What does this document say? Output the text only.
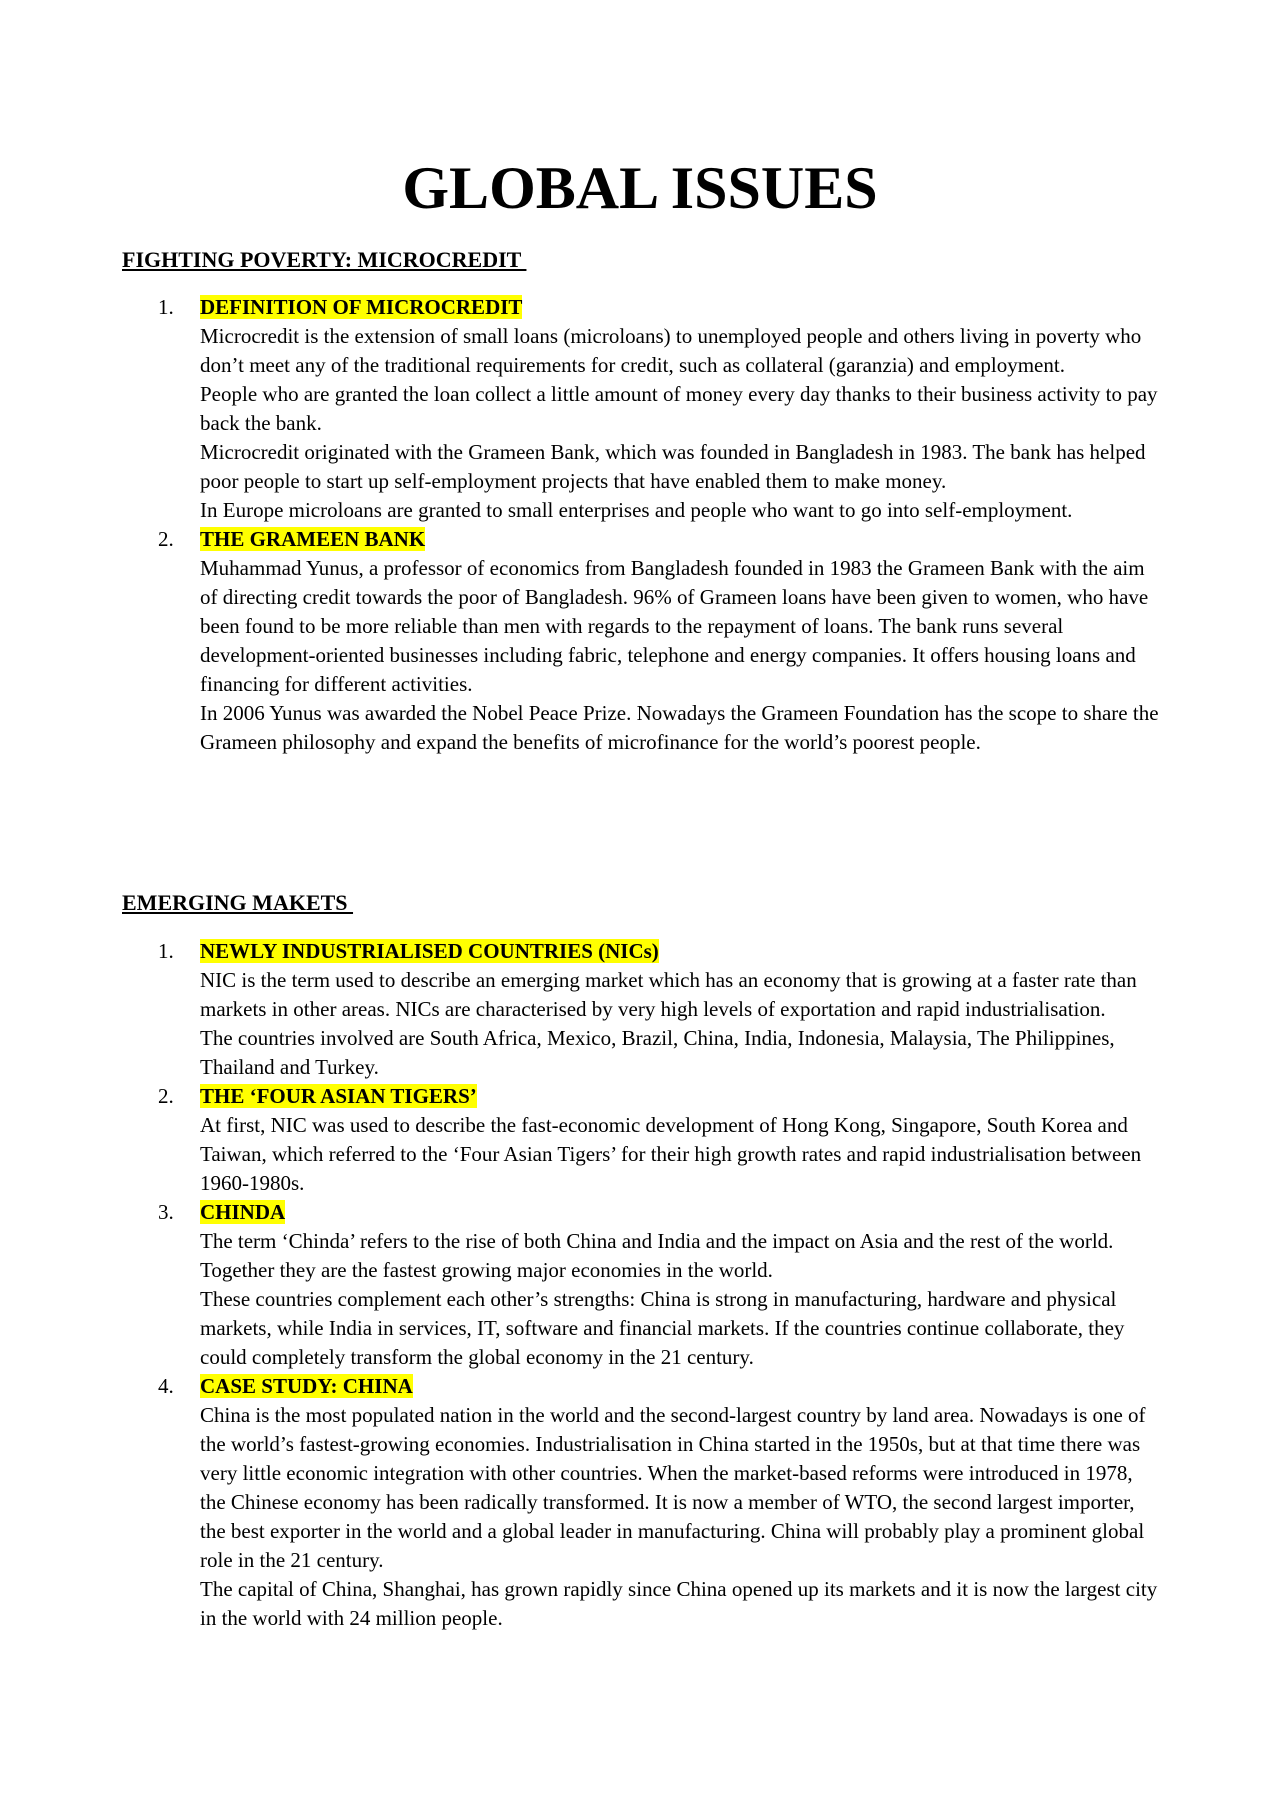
GLOBAL ISSUES
FIGHTING POVERTY: MICROCREDIT
1. DEFINITION OF MICROCREDIT

Microcredit is the extension of small loans (microloans) to unemployed people and others living in poverty who don’t meet any of the traditional requirements for credit, such as collateral (garanzia) and employment.

People who are granted the loan collect a little amount of money every day thanks to their business activity to pay back the bank.

Microcredit originated with the Grameen Bank, which was founded in Bangladesh in 1983. The bank has helped poor people to start up self-employment projects that have enabled them to make money.

In Europe microloans are granted to small enterprises and people who want to go into self-employment.

2. THE GRAMEEN BANK

Muhammad Yunus, a professor of economics from Bangladesh founded in 1983 the Grameen Bank with the aim of directing credit towards the poor of Bangladesh. 96% of Grameen loans have been given to women, who have been found to be more reliable than men with regards to the repayment of loans. The bank runs several development-oriented businesses including fabric, telephone and energy companies. It offers housing loans and financing for different activities.

In 2006 Yunus was awarded the Nobel Peace Prize. Nowadays the Grameen Foundation has the scope to share the Grameen philosophy and expand the benefits of microfinance for the world’s poorest people.

EMERGING MAKETS
1. NEWLY INDUSTRIALISED COUNTRIES (NICs)

NIC is the term used to describe an emerging market which has an economy that is growing at a faster rate than markets in other areas. NICs are characterised by very high levels of exportation and rapid industrialisation.

The countries involved are South Africa, Mexico, Brazil, China, India, Indonesia, Malaysia, The Philippines, Thailand and Turkey.

2. THE ‘FOUR ASIAN TIGERS’

At first, NIC was used to describe the fast-economic development of Hong Kong, Singapore, South Korea and Taiwan, which referred to the ‘Four Asian Tigers’ for their high growth rates and rapid industrialisation between 1960-1980s.

3. CHINDA

The term ‘Chinda’ refers to the rise of both China and India and the impact on Asia and the rest of the world. Together they are the fastest growing major economies in the world.

These countries complement each other’s strengths: China is strong in manufacturing, hardware and physical markets, while India in services, IT, software and financial markets. If the countries continue collaborate, they could completely transform the global economy in the 21 century.

4. CASE STUDY: CHINA

China is the most populated nation in the world and the second-largest country by land area. Nowadays is one of the world’s fastest-growing economies. Industrialisation in China started in the 1950s, but at that time there was very little economic integration with other countries. When the market-based reforms were introduced in 1978, the Chinese economy has been radically transformed. It is now a member of WTO, the second largest importer, the best exporter in the world and a global leader in manufacturing. China will probably play a prominent global role in the 21 century.

The capital of China, Shanghai, has grown rapidly since China opened up its markets and it is now the largest city in the world with 24 million people.
